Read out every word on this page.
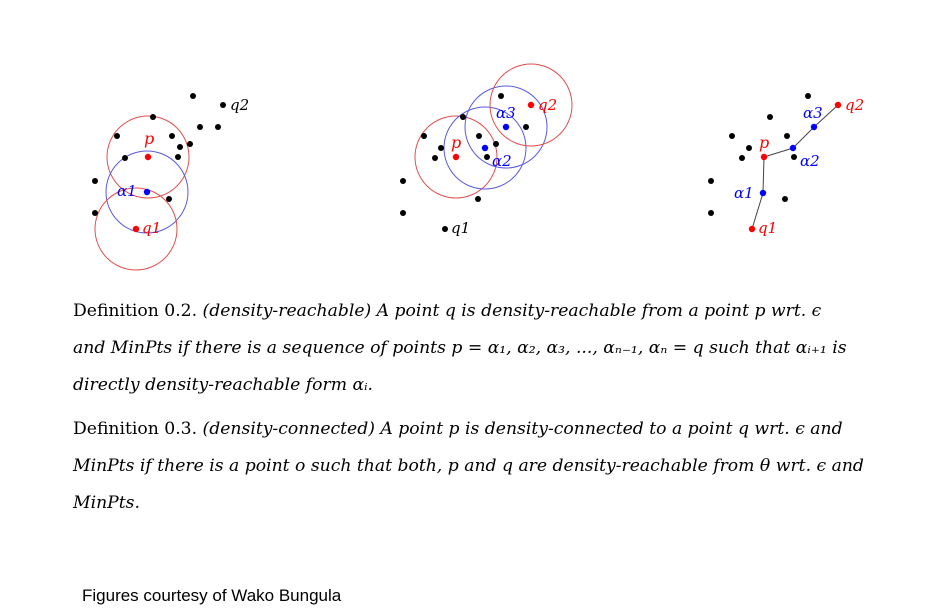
p
α1
q1
q2
p
α2
α3 q2
q1
p
α1
α2
α3 q2
q1
Definition 0.2. (density-reachable) A point q is density-reachable from a point p wrt. ϵ
and MinPts if there is a sequence of points p = α₁, α₂, α₃, ..., αₙ₋₁, αₙ = q such that αᵢ₊₁ is
directly density-reachable form αᵢ.
Definition 0.3. (density-connected) A point p is density-connected to a point q wrt. ϵ and
MinPts if there is a point o such that both, p and q are density-reachable from θ wrt. ϵ and
MinPts.
Figures courtesy of Wako Bungula
